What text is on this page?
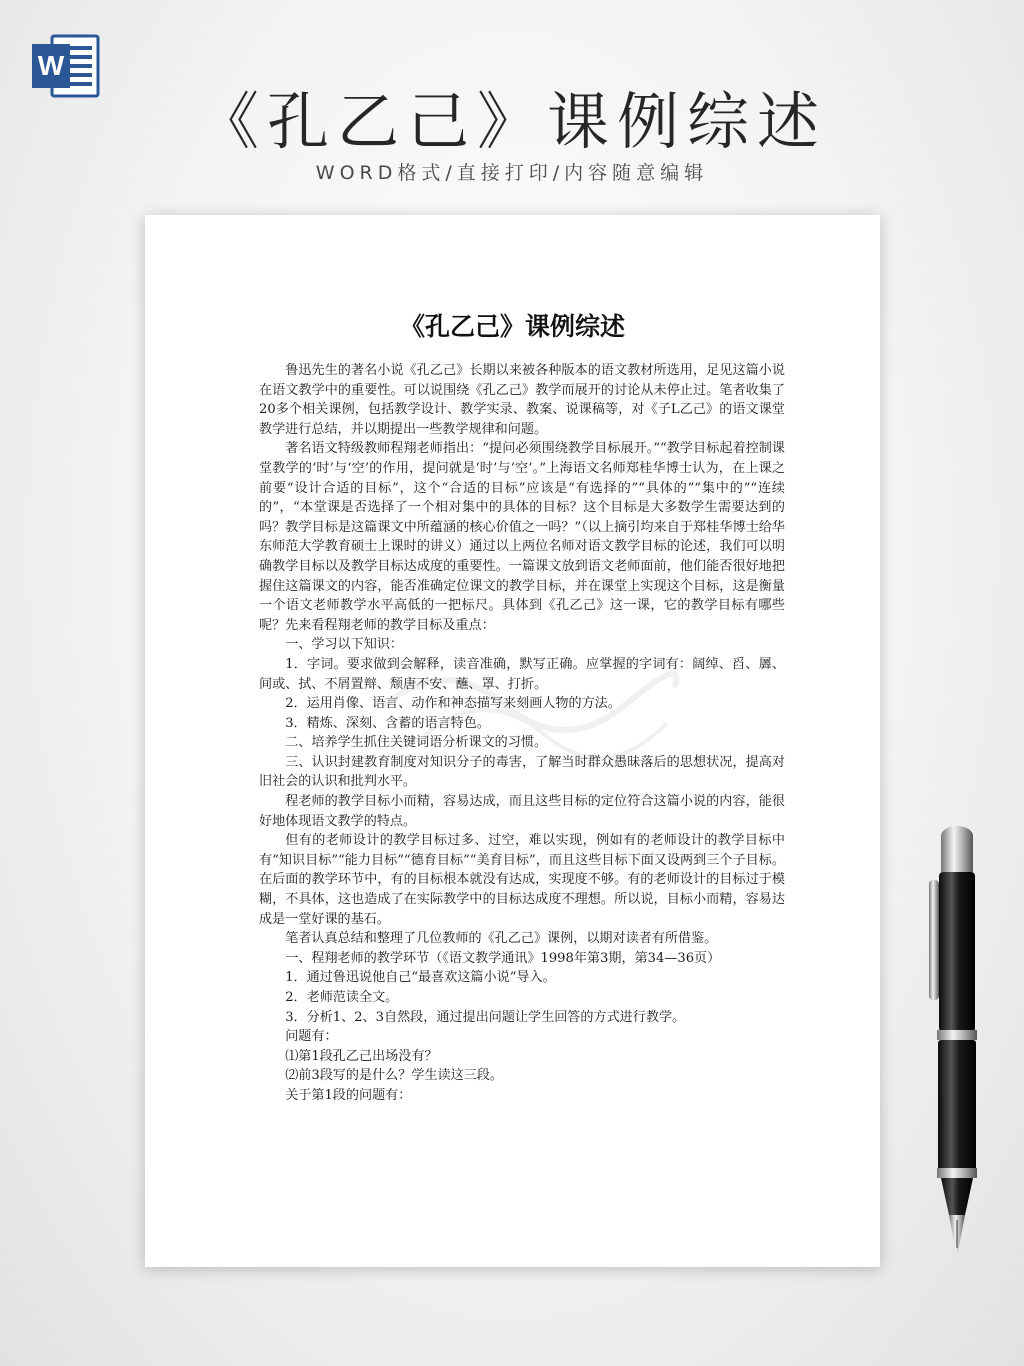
W
《孔乙己》课例综述
WORD格式/直接打印/内容随意编辑
《孔乙己》课例综述

鲁迅先生的著名小说《孔乙己》长期以来被各种版本的语文教材所选用，足见这篇小说在语文教学中的重要性。可以说围绕《孔乙己》教学而展开的讨论从未停止过。笔者收集了20多个相关课例，包括教学设计、教学实录、教案、说课稿等，对《子L乙己》的语文课堂教学进行总结，并以期提出一些教学规律和问题。

著名语文特级教师程翔老师指出：“提问必须围绕教学目标展开。”“教学目标起着控制课堂教学的‘时’与‘空’的作用，提问就是‘时’与‘空’。”上海语文名师郑桂华博士认为，在上课之前要“设计合适的目标”，这个“合适的目标”应该是“有选择的”“具体的”“集中的”“连续的”，“本堂课是否选择了一个相对集中的具体的目标？这个目标是大多数学生需要达到的吗？教学目标是这篇课文中所蕴涵的核心价值之一吗？”（以上摘引均来自于郑桂华博士给华东师范大学教育硕士上课时的讲义）通过以上两位名师对语文教学目标的论述，我们可以明确教学目标以及教学目标达成度的重要性。一篇课文放到语文老师面前，他们能否很好地把握住这篇课文的内容，能否准确定位课文的教学目标，并在课堂上实现这个目标，这是衡量一个语文老师教学水平高低的一把标尺。具体到《孔乙己》这一课，它的教学目标有哪些呢？先来看程翔老师的教学目标及重点：

一、学习以下知识：

1．字词。要求做到会解释，读音准确，默写正确。应掌握的字词有：阔绰、舀、羼、间或、拭、不屑置辩、颓唐不安、蘸、罩、打折。

2．运用肖像、语言、动作和神态描写来刻画人物的方法。

3．精炼、深刻、含蓄的语言特色。

二、培养学生抓住关键词语分析课文的习惯。

三、认识封建教育制度对知识分子的毒害，了解当时群众愚昧落后的思想状况，提高对旧社会的认识和批判水平。

程老师的教学目标小而精，容易达成，而且这些目标的定位符合这篇小说的内容，能很好地体现语文教学的特点。

但有的老师设计的教学目标过多、过空，难以实现，例如有的老师设计的教学目标中有“知识目标”“能力目标”“德育目标”“美育目标”，而且这些目标下面又设两到三个子目标。在后面的教学环节中，有的目标根本就没有达成，实现度不够。有的老师设计的目标过于模糊，不具体，这也造成了在实际教学中的目标达成度不理想。所以说，目标小而精，容易达成是一堂好课的基石。

笔者认真总结和整理了几位教师的《孔乙己》课例，以期对读者有所借鉴。

一、程翔老师的教学环节（《语文教学通讯》1998年第3期，第34—36页）

1．通过鲁迅说他自己“最喜欢这篇小说”导入。

2．老师范读全文。

3．分析1、2、3自然段，通过提出问题让学生回答的方式进行教学。

问题有：

⑴第1段孔乙己出场没有？

⑵前3段写的是什么？学生读这三段。

关于第1段的问题有：
